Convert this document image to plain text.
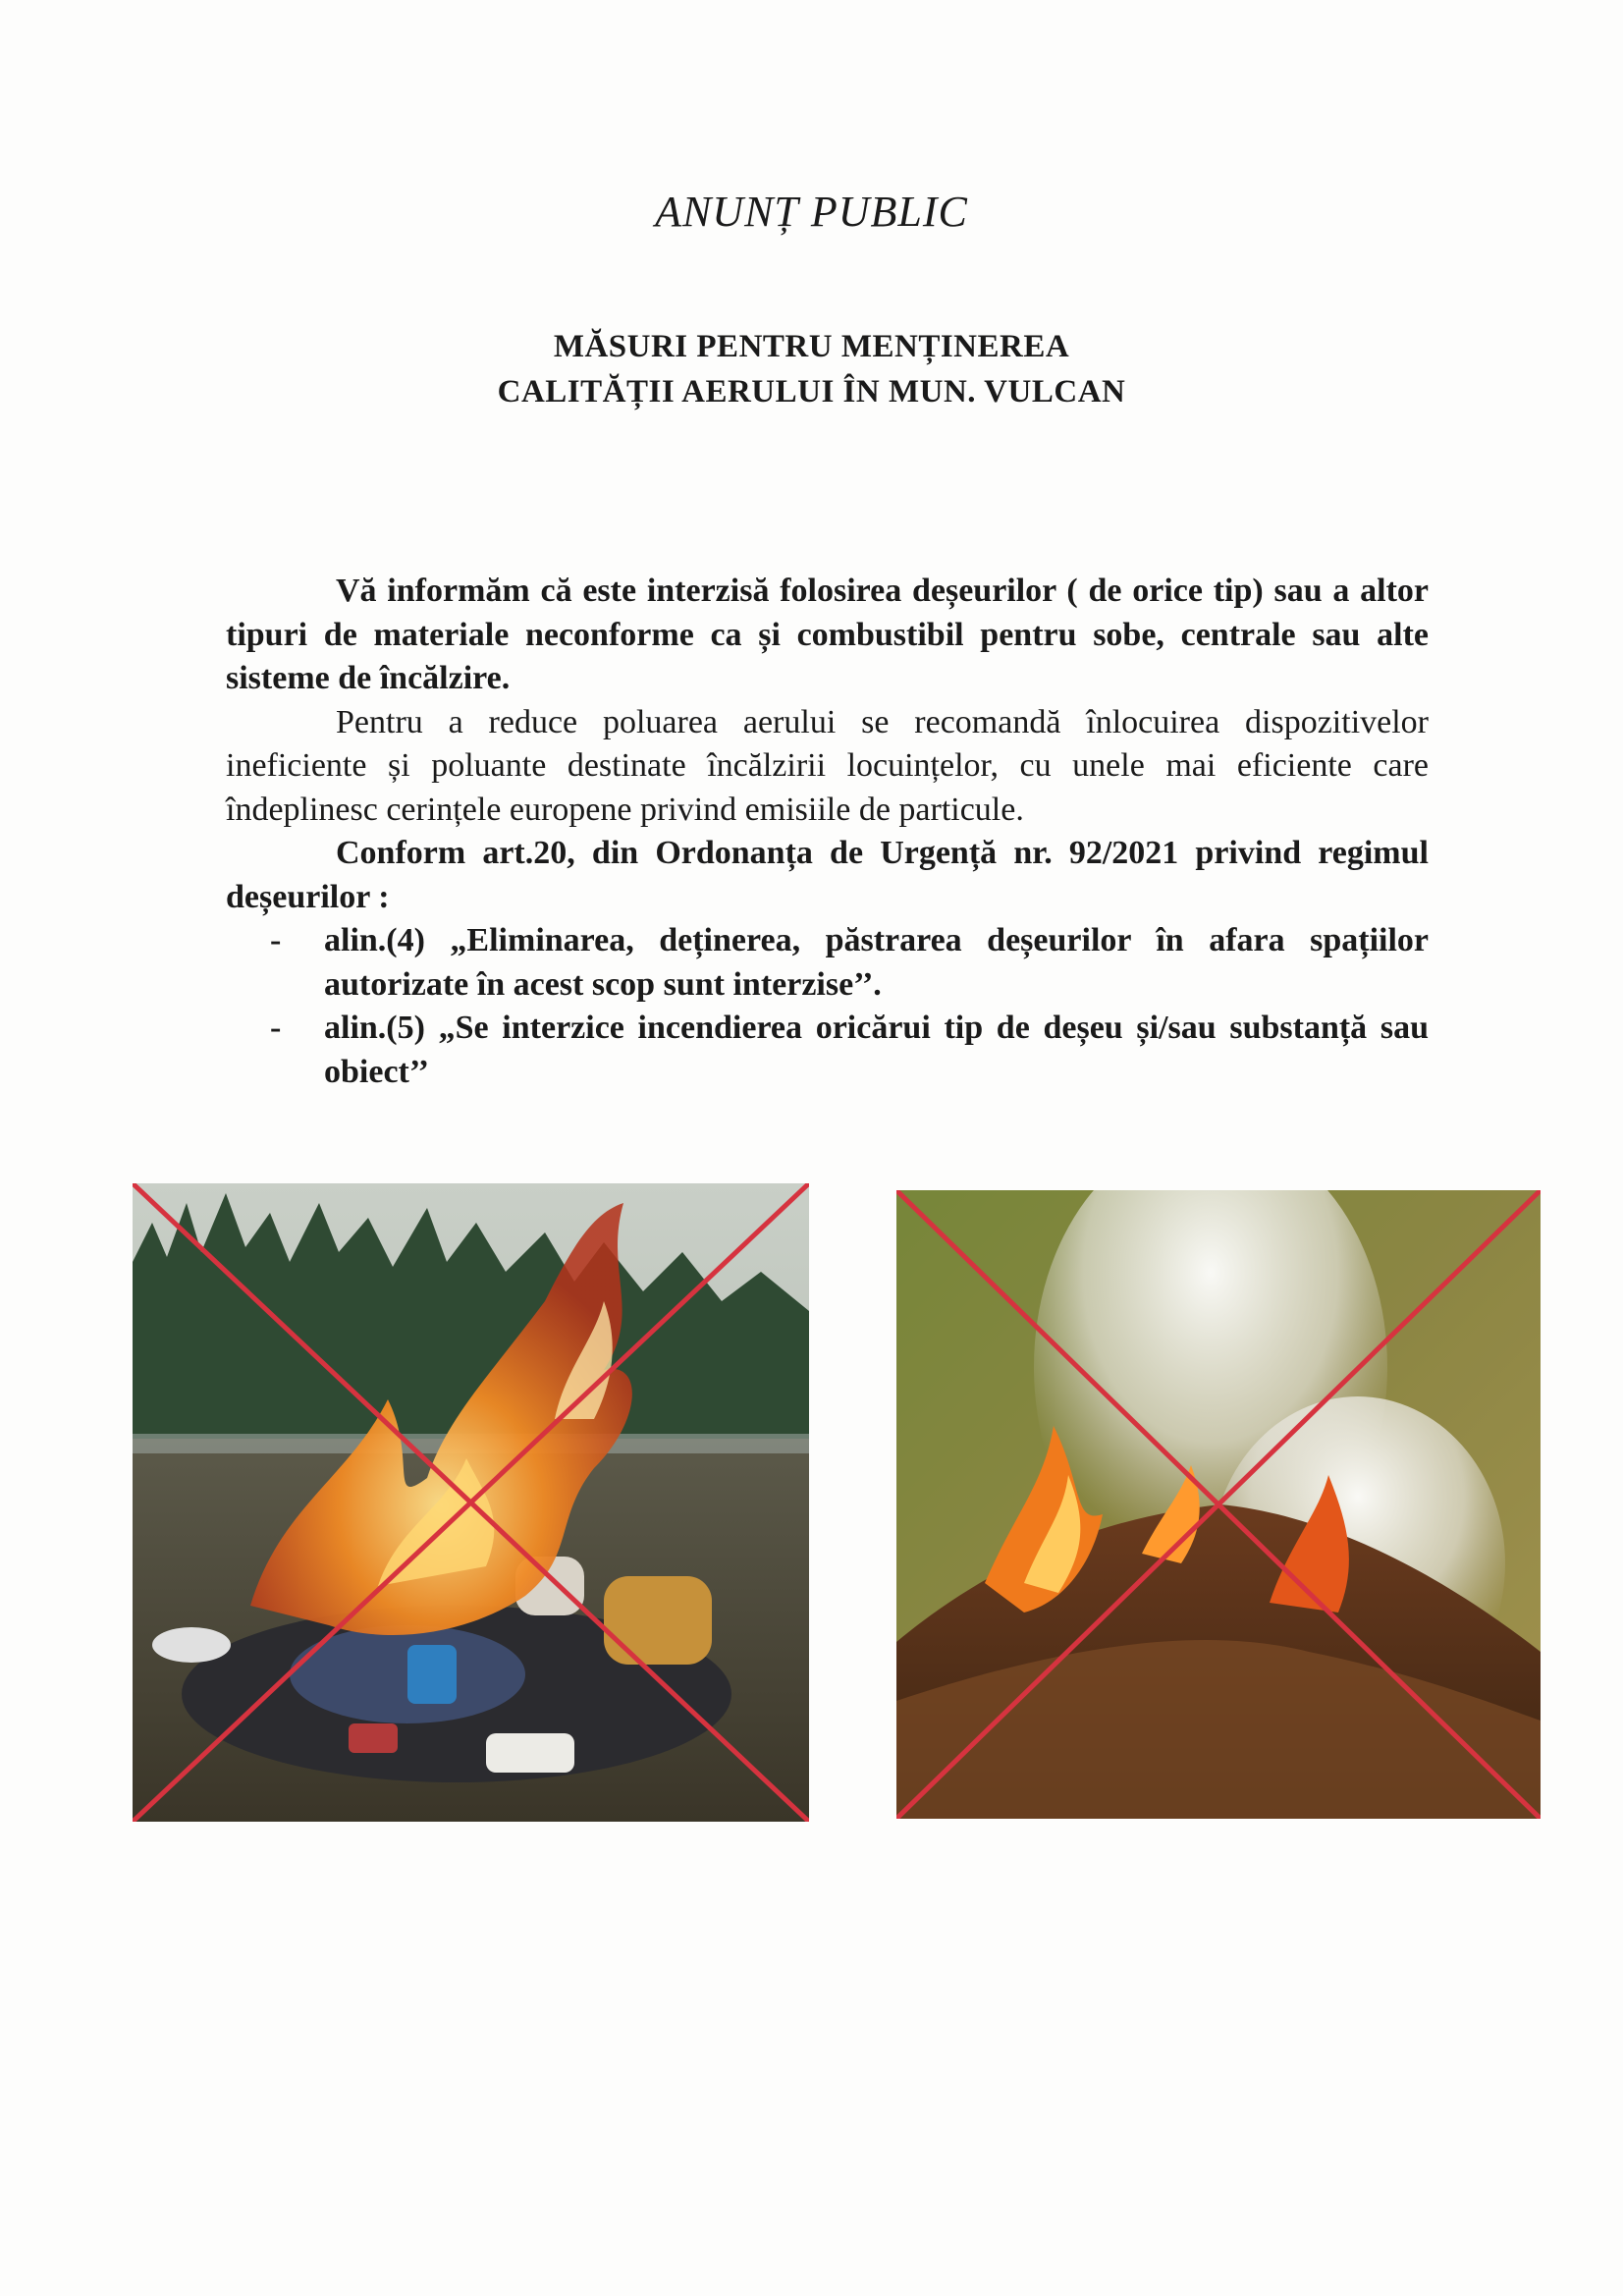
ANUNȚ PUBLIC
MĂSURI PENTRU MENȚINEREA
CALITĂȚII AERULUI ÎN MUN. VULCAN

Vă informăm că este interzisă folosirea deșeurilor ( de orice tip) sau a altor tipuri de materiale neconforme ca și combustibil pentru sobe, centrale sau alte sisteme de încălzire.

Pentru a reduce poluarea aerului se recomandă înlocuirea dispozitivelor ineficiente și poluante destinate încălzirii locuințelor, cu unele mai eficiente care îndeplinesc cerințele europene privind emisiile de particule.

Conform art.20, din Ordonanța de Urgență nr. 92/2021 privind regimul deșeurilor :

- alin.(4) „Eliminarea, deținerea, păstrarea deșeurilor în afara spațiilor autorizate în acest scop sunt interzise’’.
- alin.(5) „Se interzice incendierea oricărui tip de deșeu și/sau substanță sau obiect’’
